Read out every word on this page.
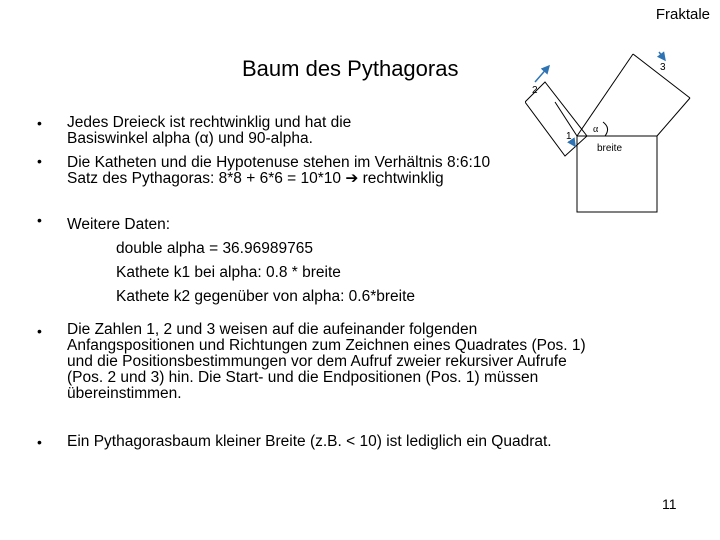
Fraktale
Baum des Pythagoras
1
2
3
α
breite
• Jedes Dreieck ist rechtwinklig und hat die
Basiswinkel alpha (α) und 90-alpha.
• Die Katheten und die Hypotenuse stehen im Verhältnis 8:6:10
Satz des Pythagoras: 8*8 + 6*6 = 10*10 ➔ rechtwinklig
• Weitere Daten:
double alpha = 36.96989765
Kathete k1 bei alpha: 0.8 * breite
Kathete k2 gegenüber von alpha: 0.6*breite
• Die Zahlen 1, 2 und 3 weisen auf die aufeinander folgenden
Anfangspositionen und Richtungen zum Zeichnen eines Quadrates (Pos. 1)
und die Positionsbestimmungen vor dem Aufruf zweier rekursiver Aufrufe
(Pos. 2 und 3) hin. Die Start- und die Endpositionen (Pos. 1) müssen
übereinstimmen.
• Ein Pythagorasbaum kleiner Breite (z.B. < 10) ist lediglich ein Quadrat.
11
